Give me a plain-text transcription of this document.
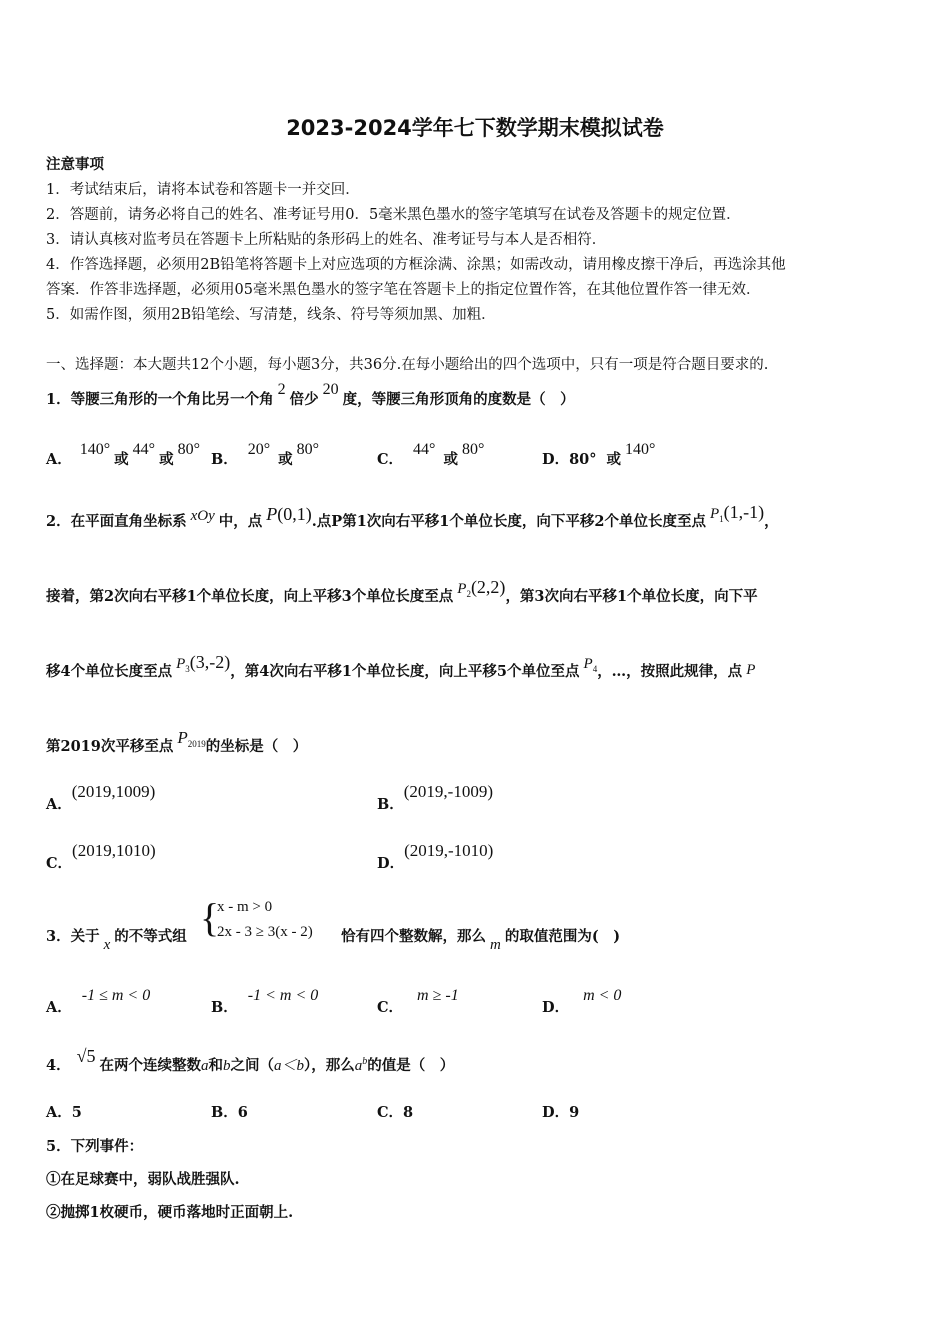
2023-2024学年七下数学期末模拟试卷
注意事项
1．考试结束后，请将本试卷和答题卡一并交回．
2．答题前，请务必将自己的姓名、准考证号用0．5毫米黑色墨水的签字笔填写在试卷及答题卡的规定位置．
3．请认真核对监考员在答题卡上所粘贴的条形码上的姓名、准考证号与本人是否相符．
4．作答选择题，必须用2B铅笔将答题卡上对应选项的方框涂满、涂黑；如需改动，请用橡皮擦干净后，再选涂其他
答案．作答非选择题，必须用05毫米黑色墨水的签字笔在答题卡上的指定位置作答，在其他位置作答一律无效．
5．如需作图，须用2B铅笔绘、写清楚，线条、符号等须加黑、加粗．
一、选择题：本大题共12个小题，每小题3分，共36分.在每小题给出的四个选项中，只有一项是符合题目要求的.
1．等腰三角形的一个角比另一个角2倍少20度，等腰三角形顶角的度数是（　）
A．140°或44°或80°
B．20°或80°
C．44°或80°
D．80° 或140°
2．在平面直角坐标系 xOy 中，点 P(0,1).点P第1次向右平移1个单位长度，向下平移2个单位长度至点 $P^1(1,-1)$，
接着，第2次向右平移1个单位长度，向上平移3个单位长度至点 $P^2(2,2)$，第3次向右平移1个单位长度，向下平
移4个单位长度至点 $P^3(3,-2)$，第4次向右平移1个单位长度，向上平移5个单位至点 $P^4$，…，按照此规律，点 P
第2019次平移至点 $P^{2019}$的坐标是（　）
A．(2019,1009)
B．(2019,-1009)
C．(2019,1010)
D．(2019,-1010)
3．关于 x 的不等式组 {
x - m > 0
2x - 3 ≥ 3(x - 2) 恰有四个整数解，那么 m 的取值范围为(　)
A．-1 ≤ m < 0
B．-1 < m < 0
C．m ≥ -1
D．m < 0
4． √5 在两个连续整数a和b之间（a＜b），那么$a^b$的值是（　）
A．5	B．6	C．8	D．9
5．下列事件：
①在足球赛中，弱队战胜强队.
②抛掷1枚硬币，硬币落地时正面朝上.
